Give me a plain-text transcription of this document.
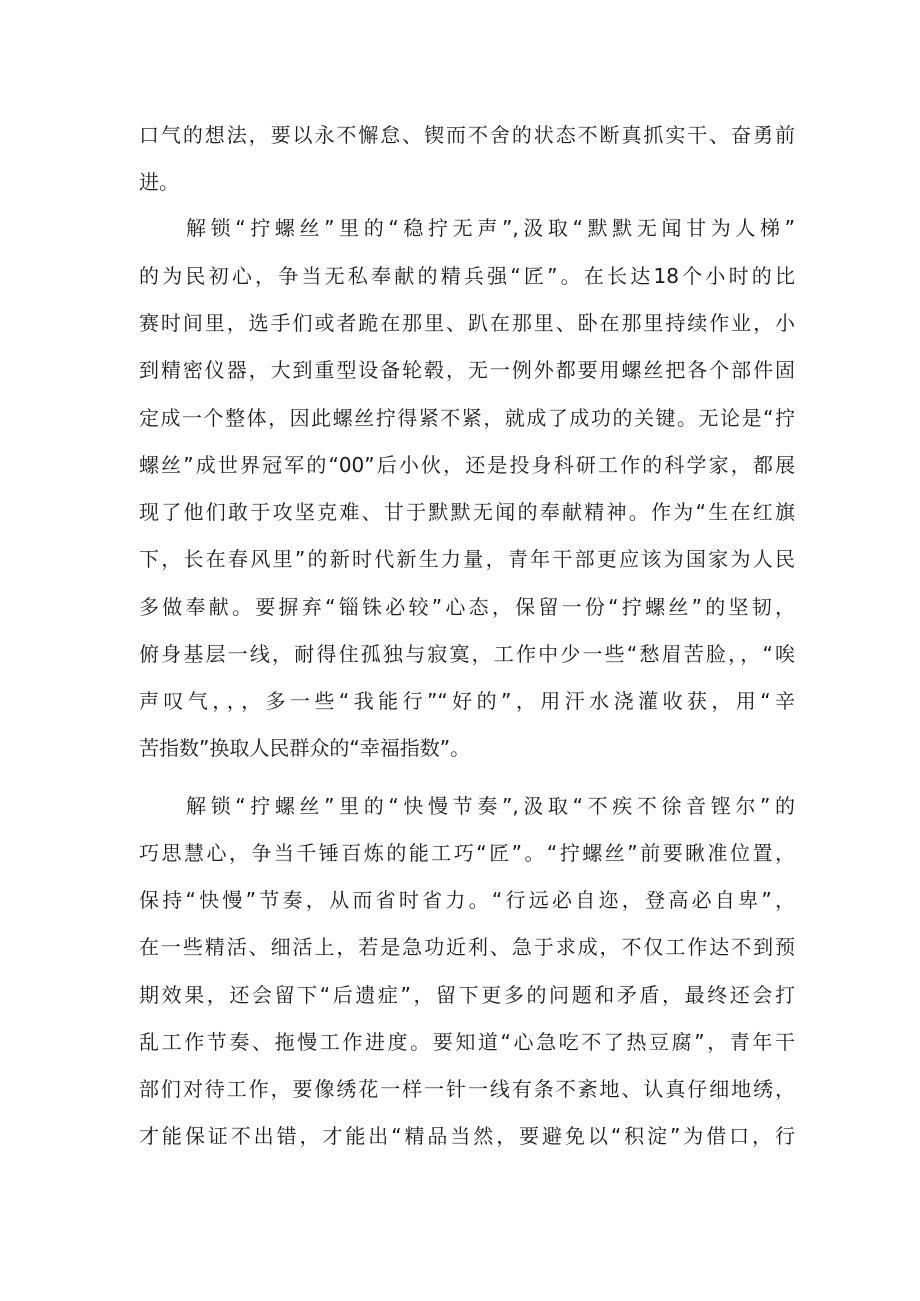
口气的想法，要以永不懈怠、锲而不舍的状态不断真抓实干、奋勇前
进。
解锁“拧螺丝”里的“稳拧无声”,汲取“默默无闻甘为人梯”
的为民初心，争当无私奉献的精兵强“匠”。在长达18个小时的比
赛时间里，选手们或者跪在那里、趴在那里、卧在那里持续作业，小
到精密仪器，大到重型设备轮毂，无一例外都要用螺丝把各个部件固
定成一个整体，因此螺丝拧得紧不紧，就成了成功的关键。无论是“拧
螺丝”成世界冠军的“00”后小伙，还是投身科研工作的科学家，都展
现了他们敢于攻坚克难、甘于默默无闻的奉献精神。作为“生在红旗
下，长在春风里”的新时代新生力量，青年干部更应该为国家为人民
多做奉献。要摒弃“锱铢必较”心态，保留一份“拧螺丝”的坚韧，
俯身基层一线，耐得住孤独与寂寞，工作中少一些“愁眉苦脸，，“唉
声叹气，，，多一些“我能行”“好的”，用汗水浇灌收获，用“辛
苦指数”换取人民群众的“幸福指数”。
解锁“拧螺丝”里的“快慢节奏”,汲取“不疾不徐音铿尔”的
巧思慧心，争当千锤百炼的能工巧“匠”。“拧螺丝”前要瞅准位置，
保持“快慢”节奏，从而省时省力。“行远必自迩，登高必自卑”，
在一些精活、细活上，若是急功近利、急于求成，不仅工作达不到预
期效果，还会留下“后遗症”，留下更多的问题和矛盾，最终还会打
乱工作节奏、拖慢工作进度。要知道“心急吃不了热豆腐”，青年干
部们对待工作，要像绣花一样一针一线有条不紊地、认真仔细地绣，
才能保证不出错，才能出“精品当然，要避免以“积淀”为借口，行
